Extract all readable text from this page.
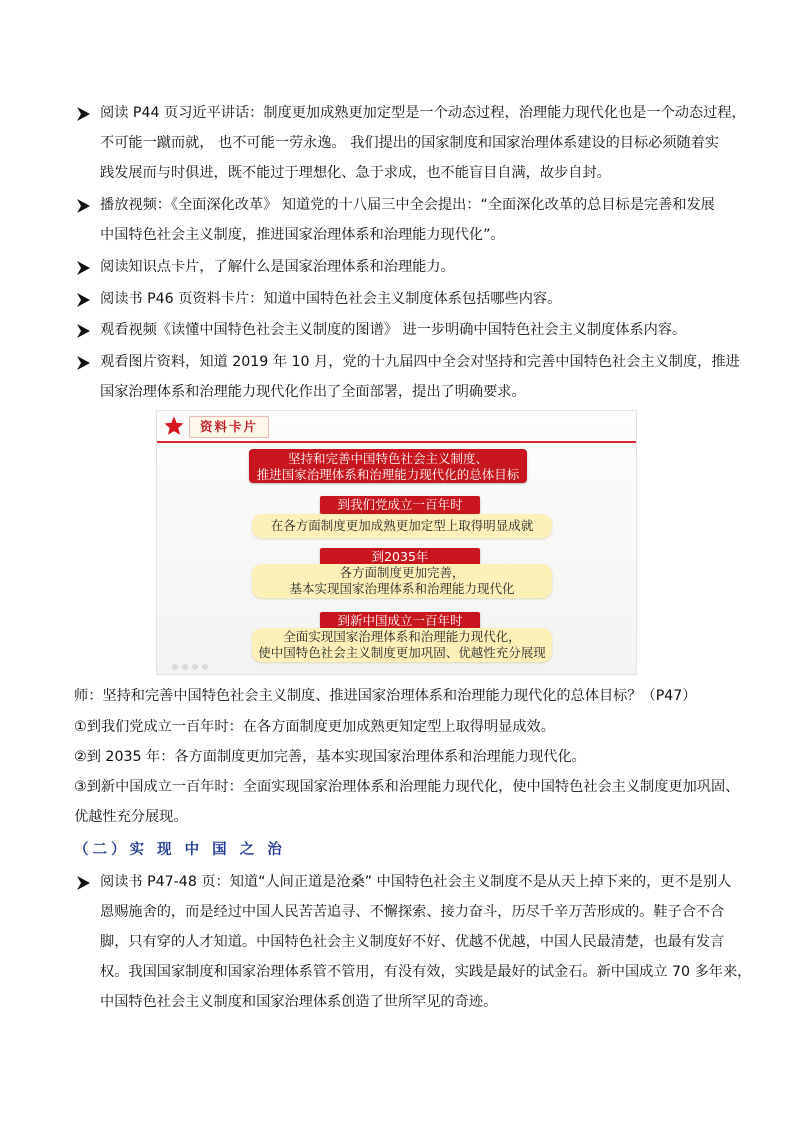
阅读 P44 页习近平讲话：制度更加成熟更加定型是一个动态过程，治理能力现代化也是一个动态过程，
不可能一蹴而就， 也不可能一劳永逸。 我们提出的国家制度和国家治理体系建设的目标必须随着实
践发展而与时俱进，既不能过于理想化、急于求成，也不能盲目自满，故步自封。
播放视频：《全面深化改革》 知道党的十八届三中全会提出：“全面深化改革的总目标是完善和发展
中国特色社会主义制度，推进国家治理体系和治理能力现代化”。
阅读知识点卡片，了解什么是国家治理体系和治理能力。
阅读书 P46 页资料卡片：知道中国特色社会主义制度体系包括哪些内容。
观看视频《读懂中国特色社会主义制度的图谱》 进一步明确中国特色社会主义制度体系内容。
观看图片资料，知道 2019 年 10 月，党的十九届四中全会对坚持和完善中国特色社会主义制度，推进
国家治理体系和治理能力现代化作出了全面部署，提出了明确要求。
资料卡片
坚持和完善中国特色社会主义制度、
推进国家治理体系和治理能力现代化的总体目标
到我们党成立一百年时
在各方面制度更加成熟更加定型上取得明显成就
到2035年
各方面制度更加完善，
基本实现国家治理体系和治理能力现代化
到新中国成立一百年时
全面实现国家治理体系和治理能力现代化，
使中国特色社会主义制度更加巩固、优越性充分展现
师：坚持和完善中国特色社会主义制度、推进国家治理体系和治理能力现代化的总体目标？（P47）
①到我们党成立一百年时：在各方面制度更加成熟更知定型上取得明显成效。
②到 2035 年：各方面制度更加完善，基本实现国家治理体系和治理能力现代化。
③到新中国成立一百年时：全面实现国家治理体系和治理能力现代化，使中国特色社会主义制度更加巩固、
优越性充分展现。
（二）实 现 中 国 之 治
阅读书 P47-48 页：知道“人间正道是沧桑” 中国特色社会主义制度不是从天上掉下来的，更不是别人
恩赐施舍的，而是经过中国人民苦苦追寻、不懈探索、接力奋斗，历尽千辛万苦形成的。鞋子合不合
脚，只有穿的人才知道。中国特色社会主义制度好不好、优越不优越，中国人民最清楚，也最有发言
权。我国国家制度和国家治理体系管不管用，有没有效，实践是最好的试金石。新中国成立 70 多年来，
中国特色社会主义制度和国家治理体系创造了世所罕见的奇迹。
